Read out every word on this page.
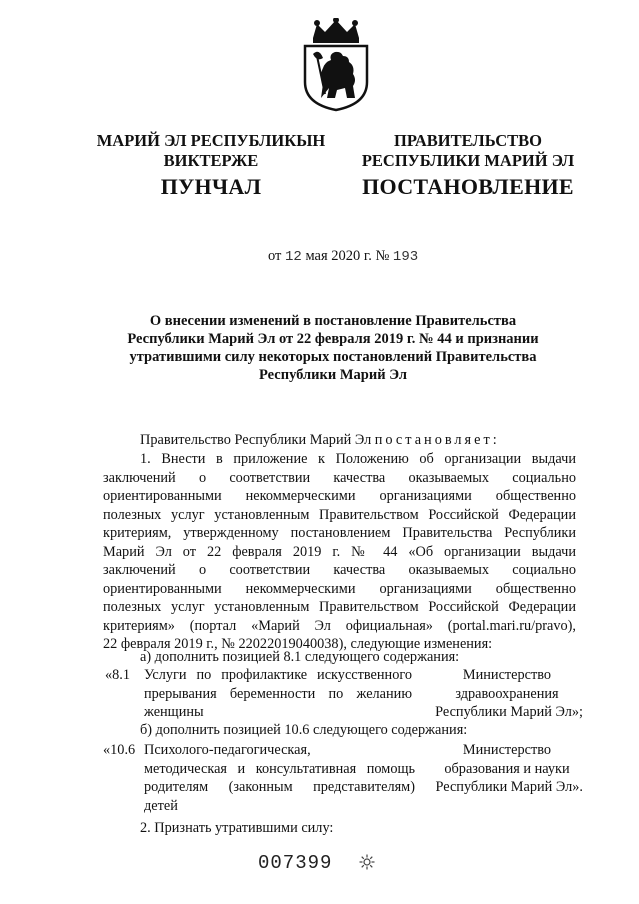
МАРИЙ ЭЛ РЕСПУБЛИКЫН
ВИКТЕРЖЕ
ПРАВИТЕЛЬСТВО
РЕСПУБЛИКИ МАРИЙ ЭЛ
ПУНЧАЛ	ПОСТАНОВЛЕНИЕ
от 12 мая 2020 г. № 193
О внесении изменений в постановление Правительства
Республики Марий Эл от 22 февраля 2019 г. № 44 и признании
утратившими силу некоторых постановлений Правительства
Республики Марий Эл
Правительство Республики Марий Эл постановляет:
1. Внести в приложение к Положению об организации выдачи
заключений о соответствии качества оказываемых социально
ориентированными некоммерческими организациями общественно
полезных услуг установленным Правительством Российской Федерации
критериям, утвержденному постановлением Правительства Республики
Марий Эл от 22 февраля 2019 г. № 44 «Об организации выдачи
заключений о соответствии качества оказываемых социально
ориентированными некоммерческими организациями общественно
полезных услуг установленным Правительством Российской Федерации
критериям» (портал «Марий Эл официальная» (portal.mari.ru/pravo),
22 февраля 2019 г., № 22022019040038), следующие изменения:
а) дополнить позицией 8.1 следующего содержания:
«8.1 Услуги по профилактике искусственного
прерывания беременности по желанию
женщины
Министерство
здравоохранения
Республики Марий Эл»;
б) дополнить позицией 10.6 следующего содержания:
«10.6 Психолого-педагогическая,
методическая и консультативная помощь
родителям (законным представителям)
детей
Министерство
образования и науки
Республики Марий Эл».
2. Признать утратившими силу:
007399
